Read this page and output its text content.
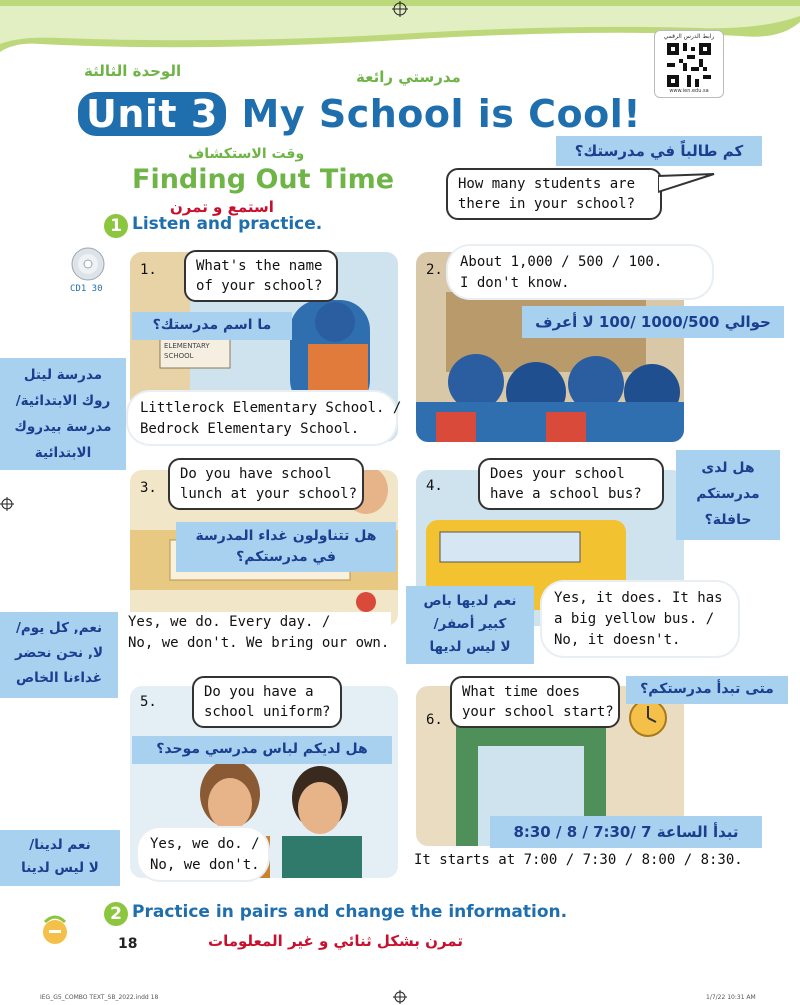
رابط الدرس الرقمي
www.ien.edu.sa
الوحدة الثالثة	مدرستي رائعة
Unit 3 My School is Cool!
وقت الاستكشاف
Finding Out Time
استمع و تمرن
1 Listen and practice.
CD1 30
كم طالباً في مدرستك؟
How many students are
there in your school?
ELEMENTARY
SCHOOL
1.	What's the name
of your school?
ما اسم مدرستك؟
Littlerock Elementary School. /
Bedrock Elementary School.
مدرسة ليتل
روك الابتدائية/
مدرسة بيدروك
الابتدائية
2. About 1,000 / 500 / 100.
I don't know.
حوالي 1000/500 /100 لا أعرف
3.
Do you have school
lunch at your school?
هل تتناولون غداء المدرسة
في مدرستكم؟
Yes, we do. Every day. /
No, we don't. We bring our own.
نعم, كل يوم/
لا, نحن نحضر
غداءنا الخاص
4.
Does your school
have a school bus?
هل لدى
مدرستكم
حافلة؟
Yes, it does. It has
a big yellow bus. /
No, it doesn't.
نعم لديها باص
كبير أصفر/
لا ليس لديها
5.
Do you have a
school uniform?
هل لديكم لباس مدرسي موحد؟
Yes, we do. /
No, we don't.
نعم لدينا/
لا ليس لدينا
6.
What time does
your school start?
متى تبدأ مدرستكم؟
تبدأ الساعة 7 /7:30 / 8 / 8:30
It starts at 7:00 / 7:30 / 8:00 / 8:30.
2 Practice in pairs and change the information.
18	تمرن بشكل ثنائي و غير المعلومات
IEG_G5_COMBO TEXT_SB_2022.indd 18	1/7/22 10:31 AM
